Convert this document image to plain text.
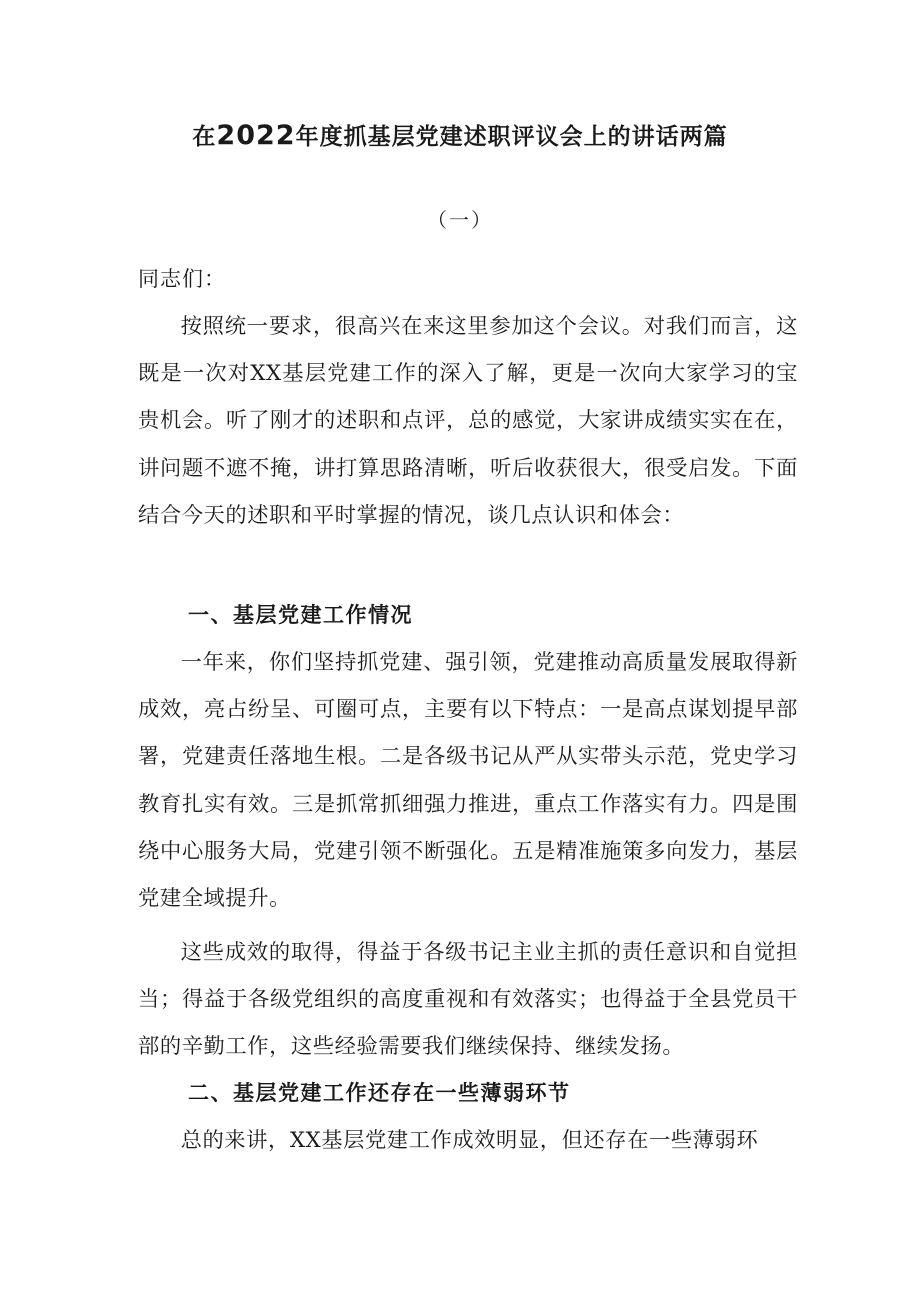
在2022年度抓基层党建述职评议会上的讲话两篇
（一）
同志们：

按照统一要求，很高兴在来这里参加这个会议。对我们而言，这既是一次对XX基层党建工作的深入了解，更是一次向大家学习的宝贵机会。听了刚才的述职和点评，总的感觉，大家讲成绩实实在在，讲问题不遮不掩，讲打算思路清晰，听后收获很大，很受启发。下面结合今天的述职和平时掌握的情况，谈几点认识和体会：

一、基层党建工作情况

一年来，你们坚持抓党建、强引领，党建推动高质量发展取得新成效，亮占纷呈、可圈可点，主要有以下特点：一是高点谋划提早部署，党建责任落地生根。二是各级书记从严从实带头示范，党史学习教育扎实有效。三是抓常抓细强力推进，重点工作落实有力。四是围绕中心服务大局，党建引领不断强化。五是精准施策多向发力，基层党建全域提升。

这些成效的取得，得益于各级书记主业主抓的责任意识和自觉担当；得益于各级党组织的高度重视和有效落实；也得益于全县党员干部的辛勤工作，这些经验需要我们继续保持、继续发扬。

二、基层党建工作还存在一些薄弱环节

总的来讲，XX基层党建工作成效明显，但还存在一些薄弱环
